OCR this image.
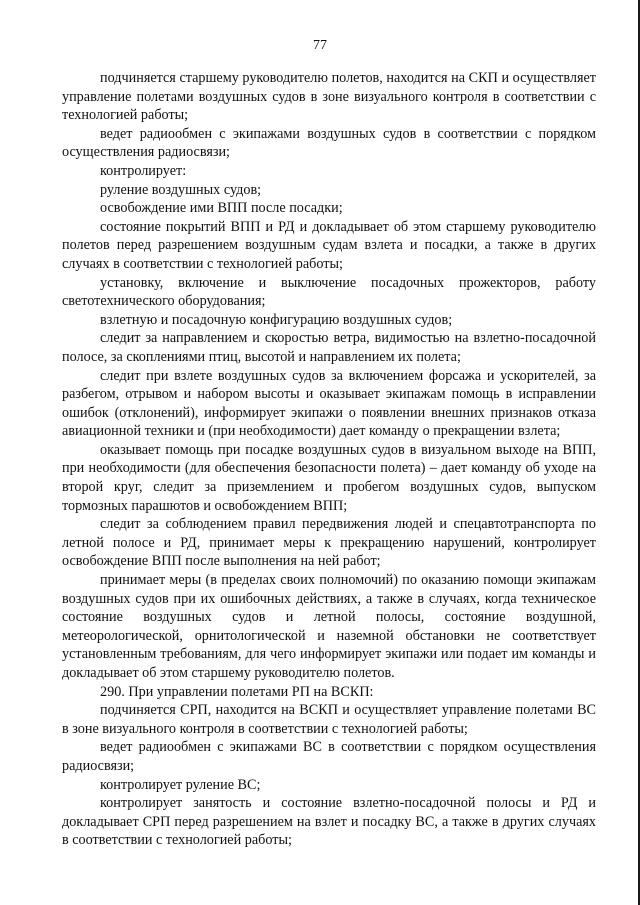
77

подчиняется старшему руководителю полетов, находится на СКП и осуществляет управление полетами воздушных судов в зоне визуального контроля в соответствии с технологией работы;

ведет радиообмен с экипажами воздушных судов в соответствии с порядком осуществления радиосвязи;

контролирует:

руление воздушных судов;

освобождение ими ВПП после посадки;

состояние покрытий ВПП и РД и докладывает об этом старшему руководителю полетов перед разрешением воздушным судам взлета и посадки, а также в других случаях в соответствии с технологией работы;

установку, включение и выключение посадочных прожекторов, работу светотехнического оборудования;

взлетную и посадочную конфигурацию воздушных судов;

следит за направлением и скоростью ветра, видимостью на взлетно-посадочной полосе, за скоплениями птиц, высотой и направлением их полета;

следит при взлете воздушных судов за включением форсажа и ускорителей, за разбегом, отрывом и набором высоты и оказывает экипажам помощь в исправлении ошибок (отклонений), информирует экипажи о появлении внешних признаков отказа авиационной техники и (при необходимости) дает команду о прекращении взлета;

оказывает помощь при посадке воздушных судов в визуальном выходе на ВПП, при необходимости (для обеспечения безопасности полета) – дает команду об уходе на второй круг, следит за приземлением и пробегом воздушных судов, выпуском тормозных парашютов и освобождением ВПП;

следит за соблюдением правил передвижения людей и спецавтотранспорта по летной полосе и РД, принимает меры к прекращению нарушений, контролирует освобождение ВПП после выполнения на ней работ;

принимает меры (в пределах своих полномочий) по оказанию помощи экипажам воздушных судов при их ошибочных действиях, а также в случаях, когда техническое состояние воздушных судов и летной полосы, состояние воздушной, метеорологической, орнитологической и наземной обстановки не соответствует установленным требованиям, для чего информирует экипажи или подает им команды и докладывает об этом старшему руководителю полетов.

290. При управлении полетами РП на ВСКП:

подчиняется СРП, находится на ВСКП и осуществляет управление полетами ВС в зоне визуального контроля в соответствии с технологией работы;

ведет радиообмен с экипажами ВС в соответствии с порядком осуществления радиосвязи;

контролирует руление ВС;

контролирует занятость и состояние взлетно-посадочной полосы и РД и докладывает СРП перед разрешением на взлет и посадку ВС, а также в других случаях в соответствии с технологией работы;
